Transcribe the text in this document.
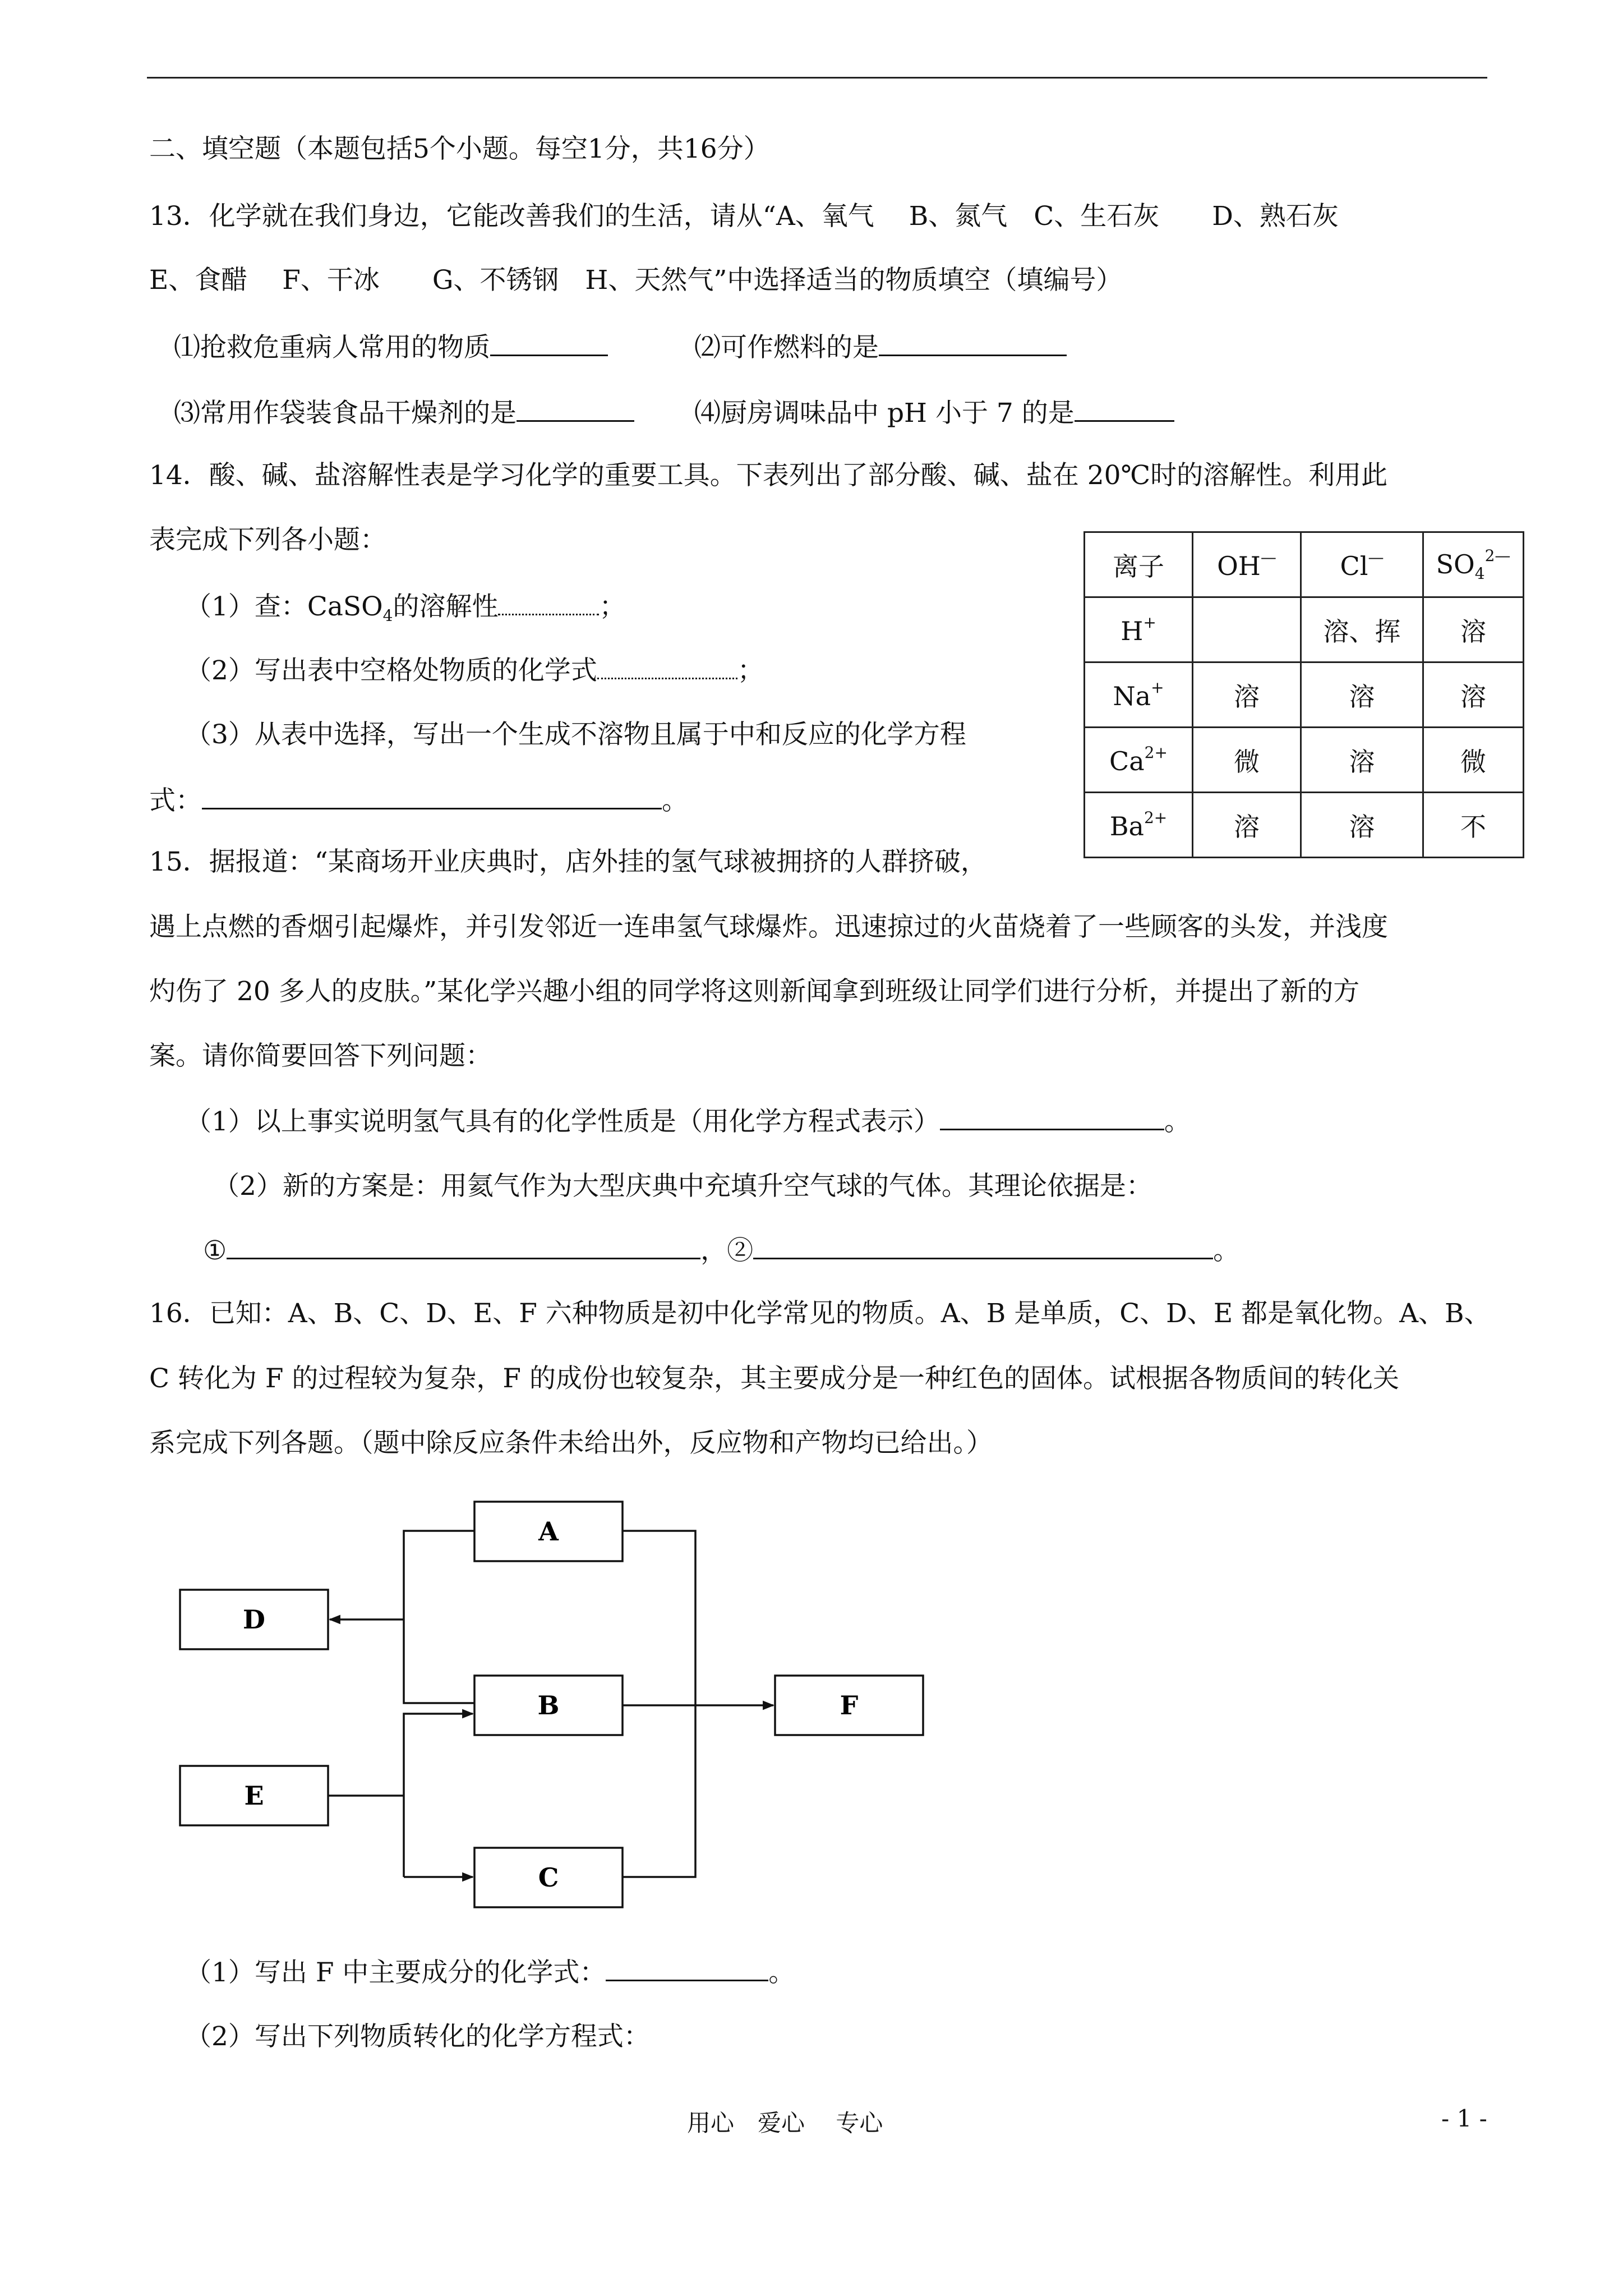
二、填空题（本题包括5个小题。每空1分，共16分）
13．化学就在我们身边，它能改善我们的生活，请从“A、氧气　 B、氮气　C、生石灰　　D、熟石灰
E、食醋　 F、干冰　　G、不锈钢　H、天然气”中选择适当的物质填空（填编号）
⑴抢救危重病人常用的物质	⑵可作燃料的是
⑶常用作袋装食品干燥剂的是	⑷厨房调味品中 pH 小于 7 的是
14．酸、碱、盐溶解性表是学习化学的重要工具。下表列出了部分酸、碱、盐在 20℃时的溶解性。利用此
表完成下列各小题：
（1）查：CaSO$_4$的溶解性	；
（2）写出表中空格处物质的化学式	；
（3）从表中选择，写出一个生成不溶物且属于中和反应的化学方程
式：	。
离子	OH—	Cl—	$SO_4^{2—}$
H+		溶、挥	溶
Na+	溶	溶	溶
$Ca^{2+}$	微	溶	微
$Ba^{2+}$	溶	溶	不
15．据报道：“某商场开业庆典时，店外挂的氢气球被拥挤的人群挤破，
遇上点燃的香烟引起爆炸，并引发邻近一连串氢气球爆炸。迅速掠过的火苗烧着了一些顾客的头发，并浅度
灼伤了 20 多人的皮肤。”某化学兴趣小组的同学将这则新闻拿到班级让同学们进行分析，并提出了新的方
案。请你简要回答下列问题：
（1）以上事实说明氢气具有的化学性质是（用化学方程式表示）	。
（2）新的方案是：用氦气作为大型庆典中充填升空气球的气体。其理论依据是：
①	，②	。
16．已知：A、B、C、D、E、F 六种物质是初中化学常见的物质。A、B 是单质，C、D、E 都是氧化物。A、B、
C 转化为 F 的过程较为复杂，F 的成份也较复杂，其主要成分是一种红色的固体。试根据各物质间的转化关
系完成下列各题。（题中除反应条件未给出外，反应物和产物均已给出。）
A
D
B	F
E
C
（1）写出 F 中主要成分的化学式：	。
（2）写出下列物质转化的化学方程式：
用心　爱心　 专心	- 1 -
